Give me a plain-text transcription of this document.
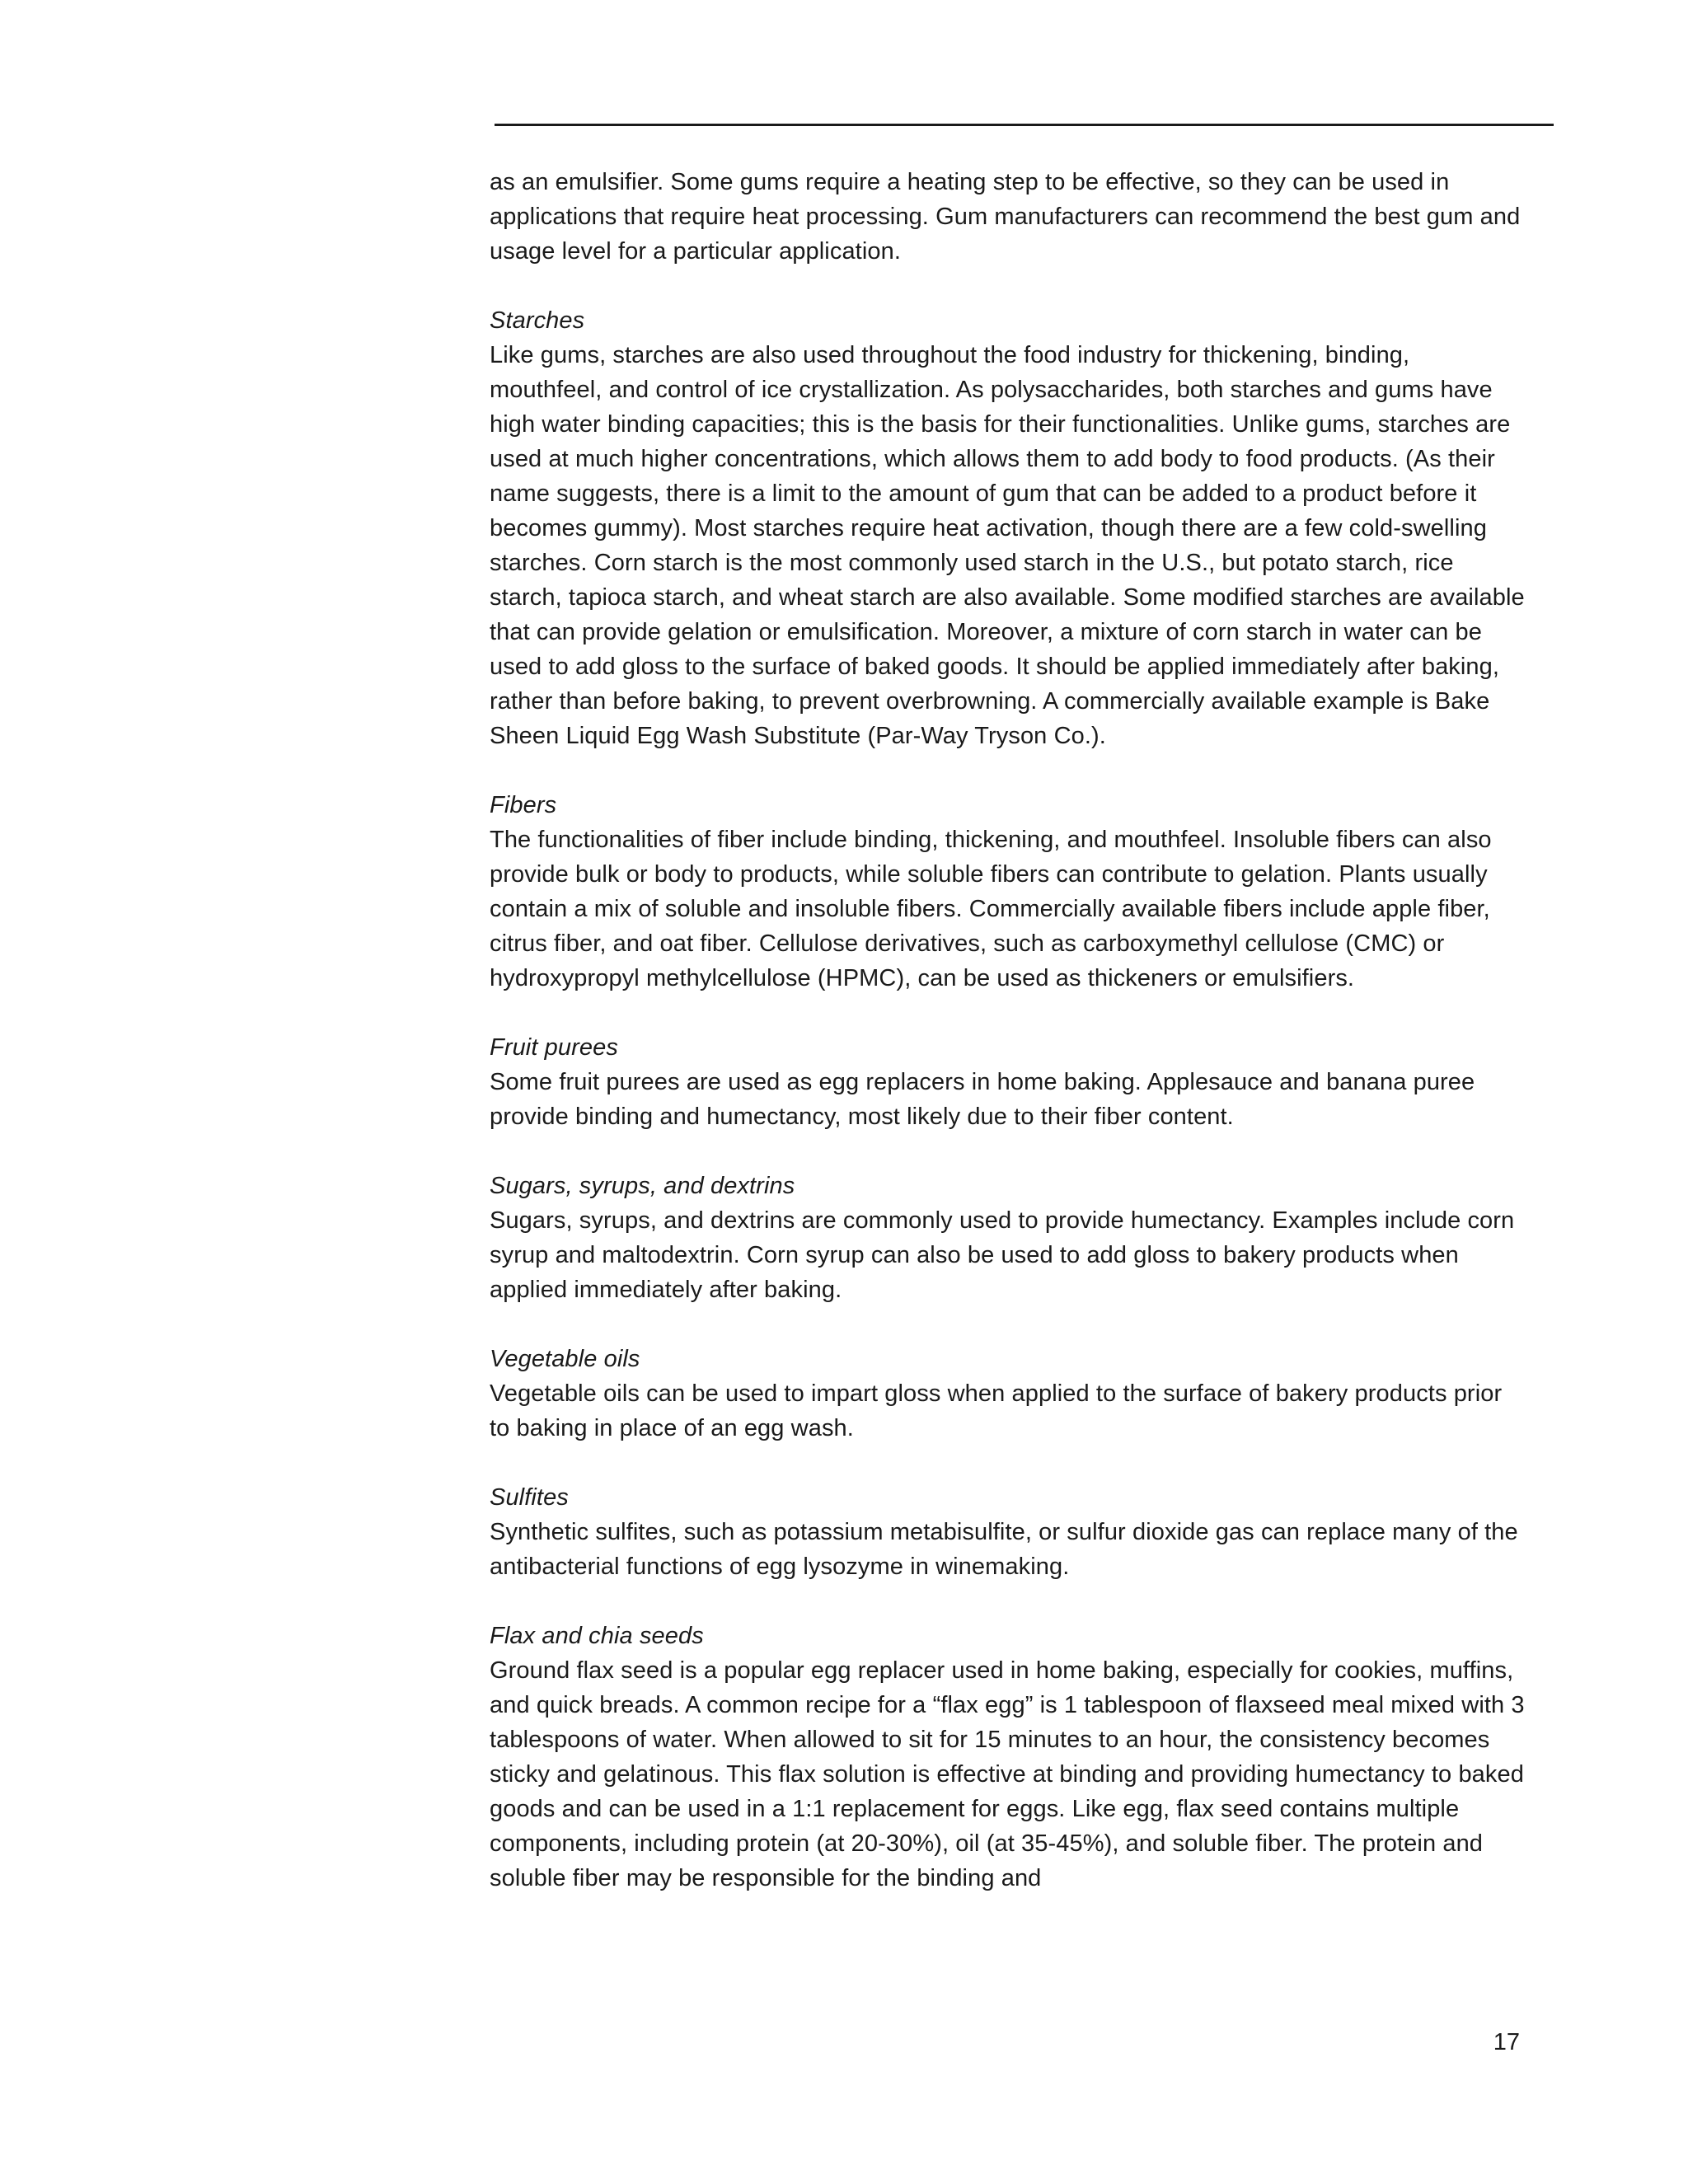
as an emulsifier. Some gums require a heating step to be effective, so they can be used in applications that require heat processing. Gum manufacturers can recommend the best gum and usage level for a particular application.

Starches

Like gums, starches are also used throughout the food industry for thickening, binding, mouthfeel, and control of ice crystallization. As polysaccharides, both starches and gums have high water binding capacities; this is the basis for their functionalities. Unlike gums, starches are used at much higher concentrations, which allows them to add body to food products. (As their name suggests, there is a limit to the amount of gum that can be added to a product before it becomes gummy). Most starches require heat activation, though there are a few cold-swelling starches. Corn starch is the most commonly used starch in the U.S., but potato starch, rice starch, tapioca starch, and wheat starch are also available. Some modified starches are available that can provide gelation or emulsification. Moreover, a mixture of corn starch in water can be used to add gloss to the surface of baked goods. It should be applied immediately after baking, rather than before baking, to prevent overbrowning. A commercially available example is Bake Sheen Liquid Egg Wash Substitute (Par-Way Tryson Co.).

Fibers

The functionalities of fiber include binding, thickening, and mouthfeel. Insoluble fibers can also provide bulk or body to products, while soluble fibers can contribute to gelation. Plants usually contain a mix of soluble and insoluble fibers. Commercially available fibers include apple fiber, citrus fiber, and oat fiber. Cellulose derivatives, such as carboxymethyl cellulose (CMC) or hydroxypropyl methylcellulose (HPMC), can be used as thickeners or emulsifiers.

Fruit purees

Some fruit purees are used as egg replacers in home baking. Applesauce and banana puree provide binding and humectancy, most likely due to their fiber content.

Sugars, syrups, and dextrins

Sugars, syrups, and dextrins are commonly used to provide humectancy. Examples include corn syrup and maltodextrin. Corn syrup can also be used to add gloss to bakery products when applied immediately after baking.

Vegetable oils

Vegetable oils can be used to impart gloss when applied to the surface of bakery products prior to baking in place of an egg wash.

Sulfites

Synthetic sulfites, such as potassium metabisulfite, or sulfur dioxide gas can replace many of the antibacterial functions of egg lysozyme in winemaking.

Flax and chia seeds

Ground flax seed is a popular egg replacer used in home baking, especially for cookies, muffins, and quick breads. A common recipe for a “flax egg” is 1 tablespoon of flaxseed meal mixed with 3 tablespoons of water. When allowed to sit for 15 minutes to an hour, the consistency becomes sticky and gelatinous. This flax solution is effective at binding and providing humectancy to baked goods and can be used in a 1:1 replacement for eggs. Like egg, flax seed contains multiple components, including protein (at 20-30%), oil (at 35-45%), and soluble fiber. The protein and soluble fiber may be responsible for the binding and

17
